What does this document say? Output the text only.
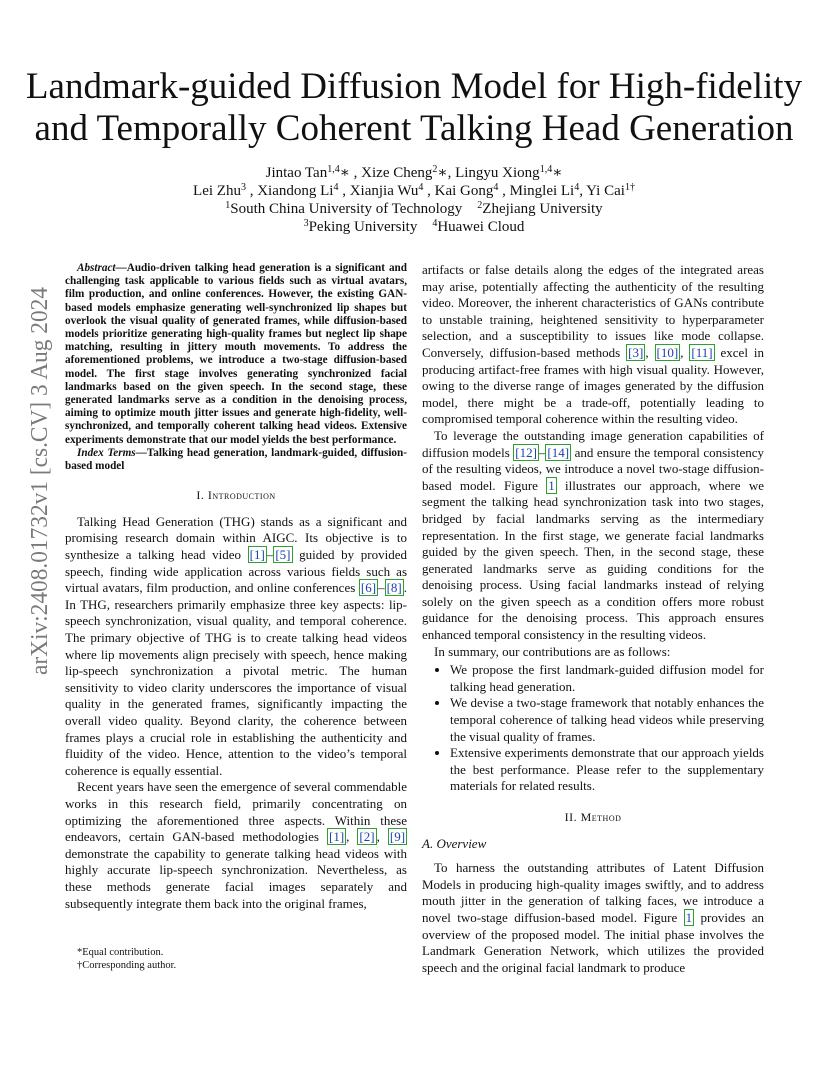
arXiv:2408.01732v1 [cs.CV] 3 Aug 2024
Landmark-guided Diffusion Model for High-fidelity
and Temporally Coherent Talking Head Generation
Jintao Tan$^{1,4}$∗ , Xize Cheng$^2$∗, Lingyu Xiong$^{1,4}$∗
Lei Zhu$^3$ , Xiandong Li$^4$ , Xianjia Wu$^4$ , Kai Gong$^4$ , Minglei Li$^4$, Yi Cai$^{1\dagger}$
$^1$South China University of Technology $^2$Zhejiang University
$^3$Peking University $^4$Huawei Cloud

Abstract—Audio-driven talking head generation is a significant and challenging task applicable to various fields such as virtual avatars, film production, and online conferences. However, the existing GAN-based models emphasize generating well-synchronized lip shapes but overlook the visual quality of generated frames, while diffusion-based models prioritize generating high-quality frames but neglect lip shape matching, resulting in jittery mouth movements. To address the aforementioned problems, we introduce a two-stage diffusion-based model. The first stage involves generating synchronized facial landmarks based on the given speech. In the second stage, these generated landmarks serve as a condition in the denoising process, aiming to optimize mouth jitter issues and generate high-fidelity, well-synchronized, and temporally coherent talking head videos. Extensive experiments demonstrate that our model yields the best performance.

Index Terms—Talking head generation, landmark-guided, diffusion-based model

I. Introduction

Talking Head Generation (THG) stands as a significant and promising research domain within AIGC. Its objective is to synthesize a talking head video [1] – [5] guided by provided speech, finding wide application across various fields such as virtual avatars, film production, and online conferences [6] – [8] . In THG, researchers primarily emphasize three key aspects: lip-speech synchronization, visual quality, and temporal coherence. The primary objective of THG is to create talking head videos where lip movements align precisely with speech, hence making lip-speech synchronization a pivotal metric. The human sensitivity to video clarity underscores the importance of visual quality in the generated frames, significantly impacting the overall video quality. Beyond clarity, the coherence between frames plays a crucial role in establishing the authenticity and fluidity of the video. Hence, attention to the video’s temporal coherence is equally essential.

Recent years have seen the emergence of several commendable works in this research field, primarily concentrating on optimizing the aforementioned three aspects. Within these endeavors, certain GAN-based methodologies [1] , [2] , [9] demonstrate the capability to generate talking head videos with highly accurate lip-speech synchronization. Nevertheless, as these methods generate facial images separately and subsequently integrate them back into the original frames,

*Equal contribution.
†Corresponding author.

artifacts or false details along the edges of the integrated areas may arise, potentially affecting the authenticity of the resulting video. Moreover, the inherent characteristics of GANs contribute to unstable training, heightened sensitivity to hyperparameter selection, and a susceptibility to issues like mode collapse. Conversely, diffusion-based methods [3] , [10] , [11] excel in producing artifact-free frames with high visual quality. However, owing to the diverse range of images generated by the diffusion model, there might be a trade-off, potentially leading to compromised temporal coherence within the resulting video.

To leverage the outstanding image generation capabilities of diffusion models [12] – [14] and ensure the temporal consistency of the resulting videos, we introduce a novel two-stage diffusion-based model. Figure 1 illustrates our approach, where we segment the talking head synchronization task into two stages, bridged by facial landmarks serving as the intermediary representation. In the first stage, we generate facial landmarks guided by the given speech. Then, in the second stage, these generated landmarks serve as guiding conditions for the denoising process. Using facial landmarks instead of relying solely on the given speech as a condition offers more robust guidance for the denoising process. This approach ensures enhanced temporal consistency in the resulting videos.

In summary, our contributions are as follows:

• We propose the first landmark-guided diffusion model for talking head generation.
• We devise a two-stage framework that notably enhances the temporal coherence of talking head videos while preserving the visual quality of frames.
• Extensive experiments demonstrate that our approach yields the best performance. Please refer to the supplementary materials for related results.
II. Method
A. Overview

To harness the outstanding attributes of Latent Diffusion Models in producing high-quality images swiftly, and to address mouth jitter in the generation of talking faces, we introduce a novel two-stage diffusion-based model. Figure 1 provides an overview of the proposed model. The initial phase involves the Landmark Generation Network, which utilizes the provided speech and the original facial landmark to produce
